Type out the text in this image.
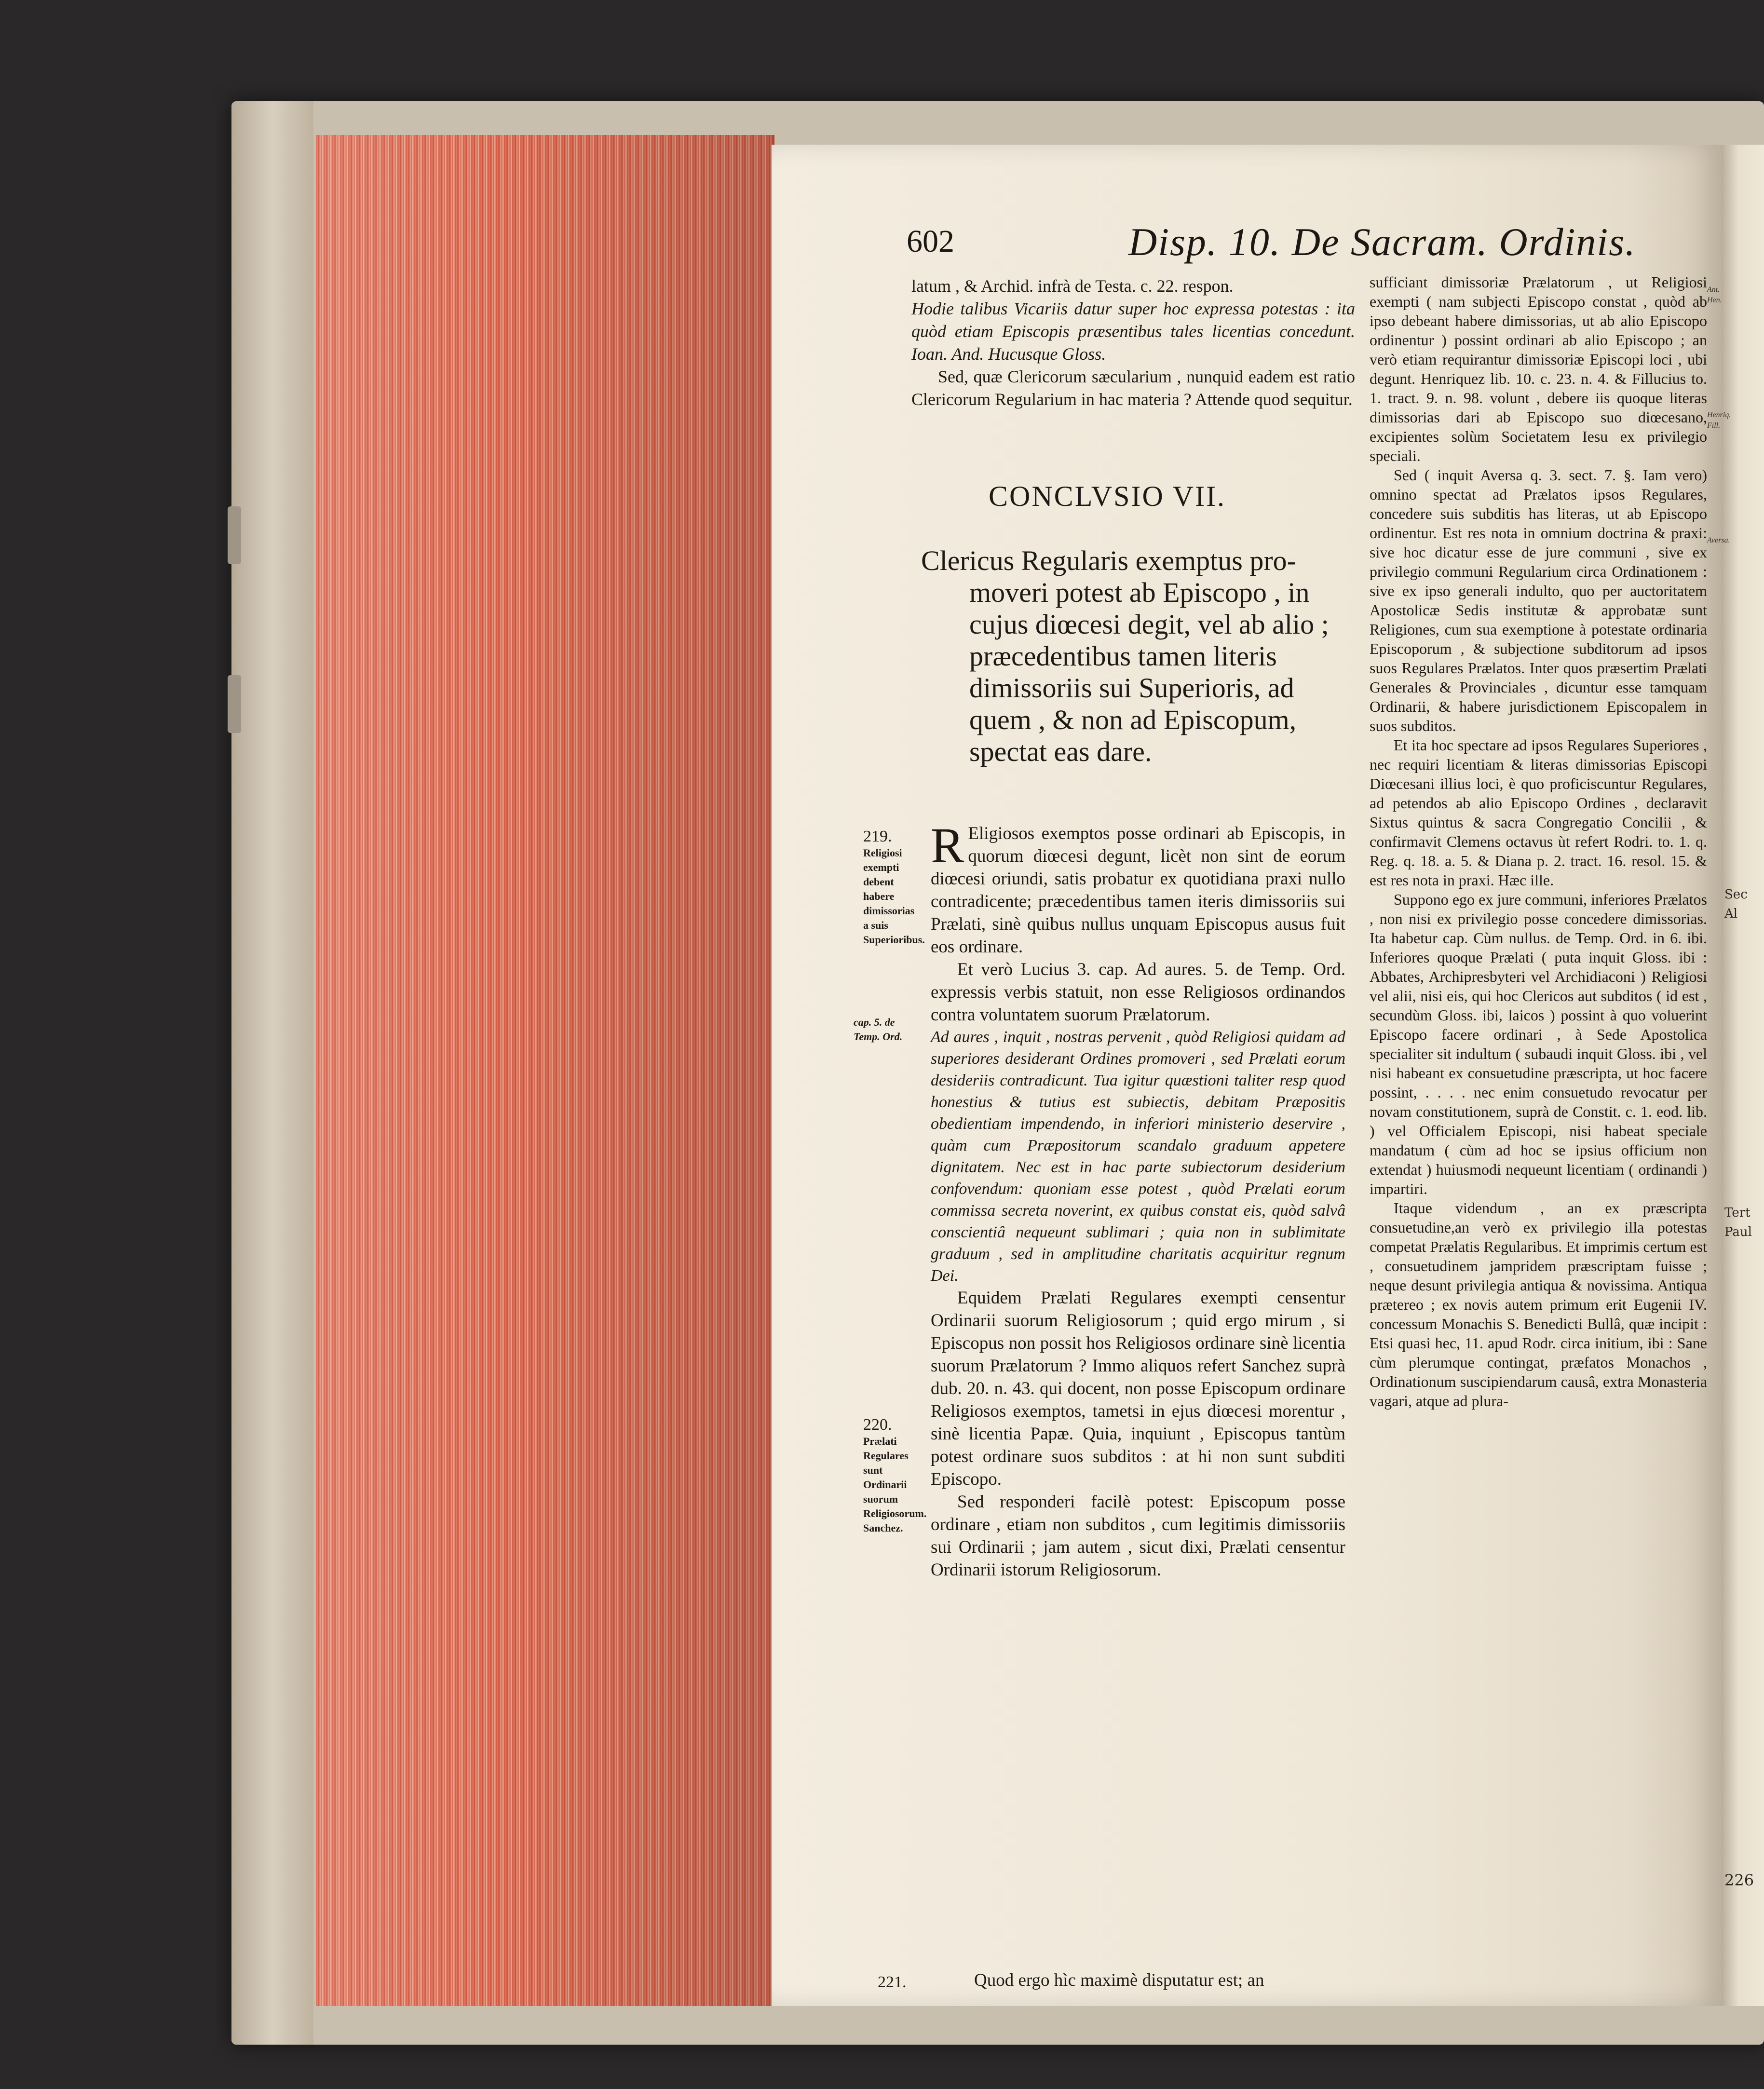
Sec
Al
Tert
Paul
226
602	Disp. 10. De Sacram. Ordinis.

latum , & Archid. infrà de Testa. c. 22. respon.

Hodie talibus Vicariis datur super hoc expressa potestas : ita quòd etiam Episcopis præsentibus tales licentias concedunt. Ioan. And. Hucusque Gloss.

Sed, quæ Clericorum sæcularium , nunquid eadem est ratio Clericorum Regularium in hac materia ? Attende quod sequitur.

CONCLVSIO VII.
Clericus Regularis exemptus pro-
moveri potest ab Episcopo , in
cujus diœcesi degit, vel ab alio ;
præcedentibus tamen literis
dimissoriis sui Superioris, ad
quem , & non ad Episcopum,
spectat eas dare.
219.
Religiosi exempti debent habere dimissorias a suis Superioribus.
cap. 5. de Temp. Ord.
220.
Prælati Regulares sunt Ordinarii suorum Religiosorum. Sanchez.

R Eligiosos exemptos posse ordinari ab Episcopis, in quorum diœcesi degunt, licèt non sint de eorum diœcesi oriundi, satis probatur ex quotidiana praxi nullo contradicente; præcedentibus tamen iteris dimissoriis sui Prælati, sinè quibus nullus unquam Episcopus ausus fuit eos ordinare.

Et verò Lucius 3. cap. Ad aures. 5. de Temp. Ord. expressis verbis statuit, non esse Religiosos ordinandos contra voluntatem suorum Prælatorum.

Ad aures , inquit , nostras pervenit , quòd Religiosi quidam ad superiores desiderant Ordines promoveri , sed Prælati eorum desideriis contradicunt. Tua igitur quæstioni taliter resp quod honestius & tutius est subiectis, debitam Præpositis obedientiam impendendo, in inferiori ministerio deservire , quàm cum Præpositorum scandalo graduum appetere dignitatem. Nec est in hac parte subiectorum desiderium confovendum: quoniam esse potest , quòd Prælati eorum commissa secreta noverint, ex quibus constat eis, quòd salvâ conscientiâ nequeunt sublimari ; quia non in sublimitate graduum , sed in amplitudine charitatis acquiritur regnum Dei.

Equidem Prælati Regulares exempti censentur Ordinarii suorum Religiosorum ; quid ergo mirum , si Episcopus non possit hos Religiosos ordinare sinè licentia suorum Prælatorum ? Immo aliquos refert Sanchez suprà dub. 20. n. 43. qui docent, non posse Episcopum ordinare Religiosos exemptos, tametsi in ejus diœcesi morentur , sinè licentia Papæ. Quia, inquiunt , Episcopus tantùm potest ordinare suos subditos : at hi non sunt subditi Episcopo.

Sed responderi facilè potest: Episcopum posse ordinare , etiam non subditos , cum legitimis dimissoriis sui Ordinarii ; jam autem , sicut dixi, Prælati censentur Ordinarii istorum Religiosorum.

221.	Quod ergo hìc maximè disputatur est; an

sufficiant dimissoriæ Prælatorum , ut Religiosi exempti ( nam subjecti Episcopo constat , quòd ab ipso debeant habere dimissorias, ut ab alio Episcopo ordinentur ) possint ordinari ab alio Episcopo ; an verò etiam requirantur dimissoriæ Episcopi loci , ubi degunt. Henriquez lib. 10. c. 23. n. 4. & Fillucius to. 1. tract. 9. n. 98. volunt , debere iis quoque literas dimissorias dari ab Episcopo suo diœcesano, excipientes solùm Societatem Iesu ex privilegio speciali.

Sed ( inquit Aversa q. 3. sect. 7. §. Iam vero) omnino spectat ad Prælatos ipsos Regulares, concedere suis subditis has literas, ut ab Episcopo ordinentur. Est res nota in omnium doctrina & praxi: sive hoc dicatur esse de jure communi , sive ex privilegio communi Regularium circa Ordinationem : sive ex ipso generali indulto, quo per auctoritatem Apostolicæ Sedis institutæ & approbatæ sunt Religiones, cum sua exemptione à potestate ordinaria Episcoporum , & subjectione subditorum ad ipsos suos Regulares Prælatos. Inter quos præsertim Prælati Generales & Provinciales , dicuntur esse tamquam Ordinarii, & habere jurisdictionem Episcopalem in suos subditos.

Et ita hoc spectare ad ipsos Regulares Superiores , nec requiri licentiam & literas dimissorias Episcopi Diœcesani illius loci, è quo proficiscuntur Regulares, ad petendos ab alio Episcopo Ordines , declaravit Sixtus quintus & sacra Congregatio Concilii , & confirmavit Clemens octavus ùt refert Rodri. to. 1. q. Reg. q. 18. a. 5. & Diana p. 2. tract. 16. resol. 15. & est res nota in praxi. Hæc ille.

Suppono ego ex jure communi, inferiores Prælatos , non nisi ex privilegio posse concedere dimissorias. Ita habetur cap. Cùm nullus. de Temp. Ord. in 6. ibi. Inferiores quoque Prælati ( puta inquit Gloss. ibi : Abbates, Archipresbyteri vel Archidiaconi ) Religiosi vel alii, nisi eis, qui hoc Clericos aut subditos ( id est , secundùm Gloss. ibi, laicos ) possint à quo voluerint Episcopo facere ordinari , à Sede Apostolica specialiter sit indultum ( subaudi inquit Gloss. ibi , vel nisi habeant ex consuetudine præscripta, ut hoc facere possint, . . . . nec enim consuetudo revocatur per novam constitutionem, suprà de Constit. c. 1. eod. lib. ) vel Officialem Episcopi, nisi habeat speciale mandatum ( cùm ad hoc se ipsius officium non extendat ) huiusmodi nequeunt licentiam ( ordinandi ) impartiri.

Itaque videndum , an ex præscripta consuetudine,an verò ex privilegio illa potestas competat Prælatis Regularibus. Et imprimis certum est , consuetudinem jampridem præscriptam fuisse ; neque desunt privilegia antiqua & novissima. Antiqua prætereo ; ex novis autem primum erit Eugenii IV. concessum Monachis S. Benedicti Bullâ, quæ incipit : Etsi quasi hec, 11. apud Rodr. circa initium, ibi : Sane cùm plerumque contingat, præfatos Monachos , Ordinationum suscipiendarum causâ, extra Monasteria vagari, atque ad plura-

Ant. Hen.
Aversa.
Henriq. Fill.
